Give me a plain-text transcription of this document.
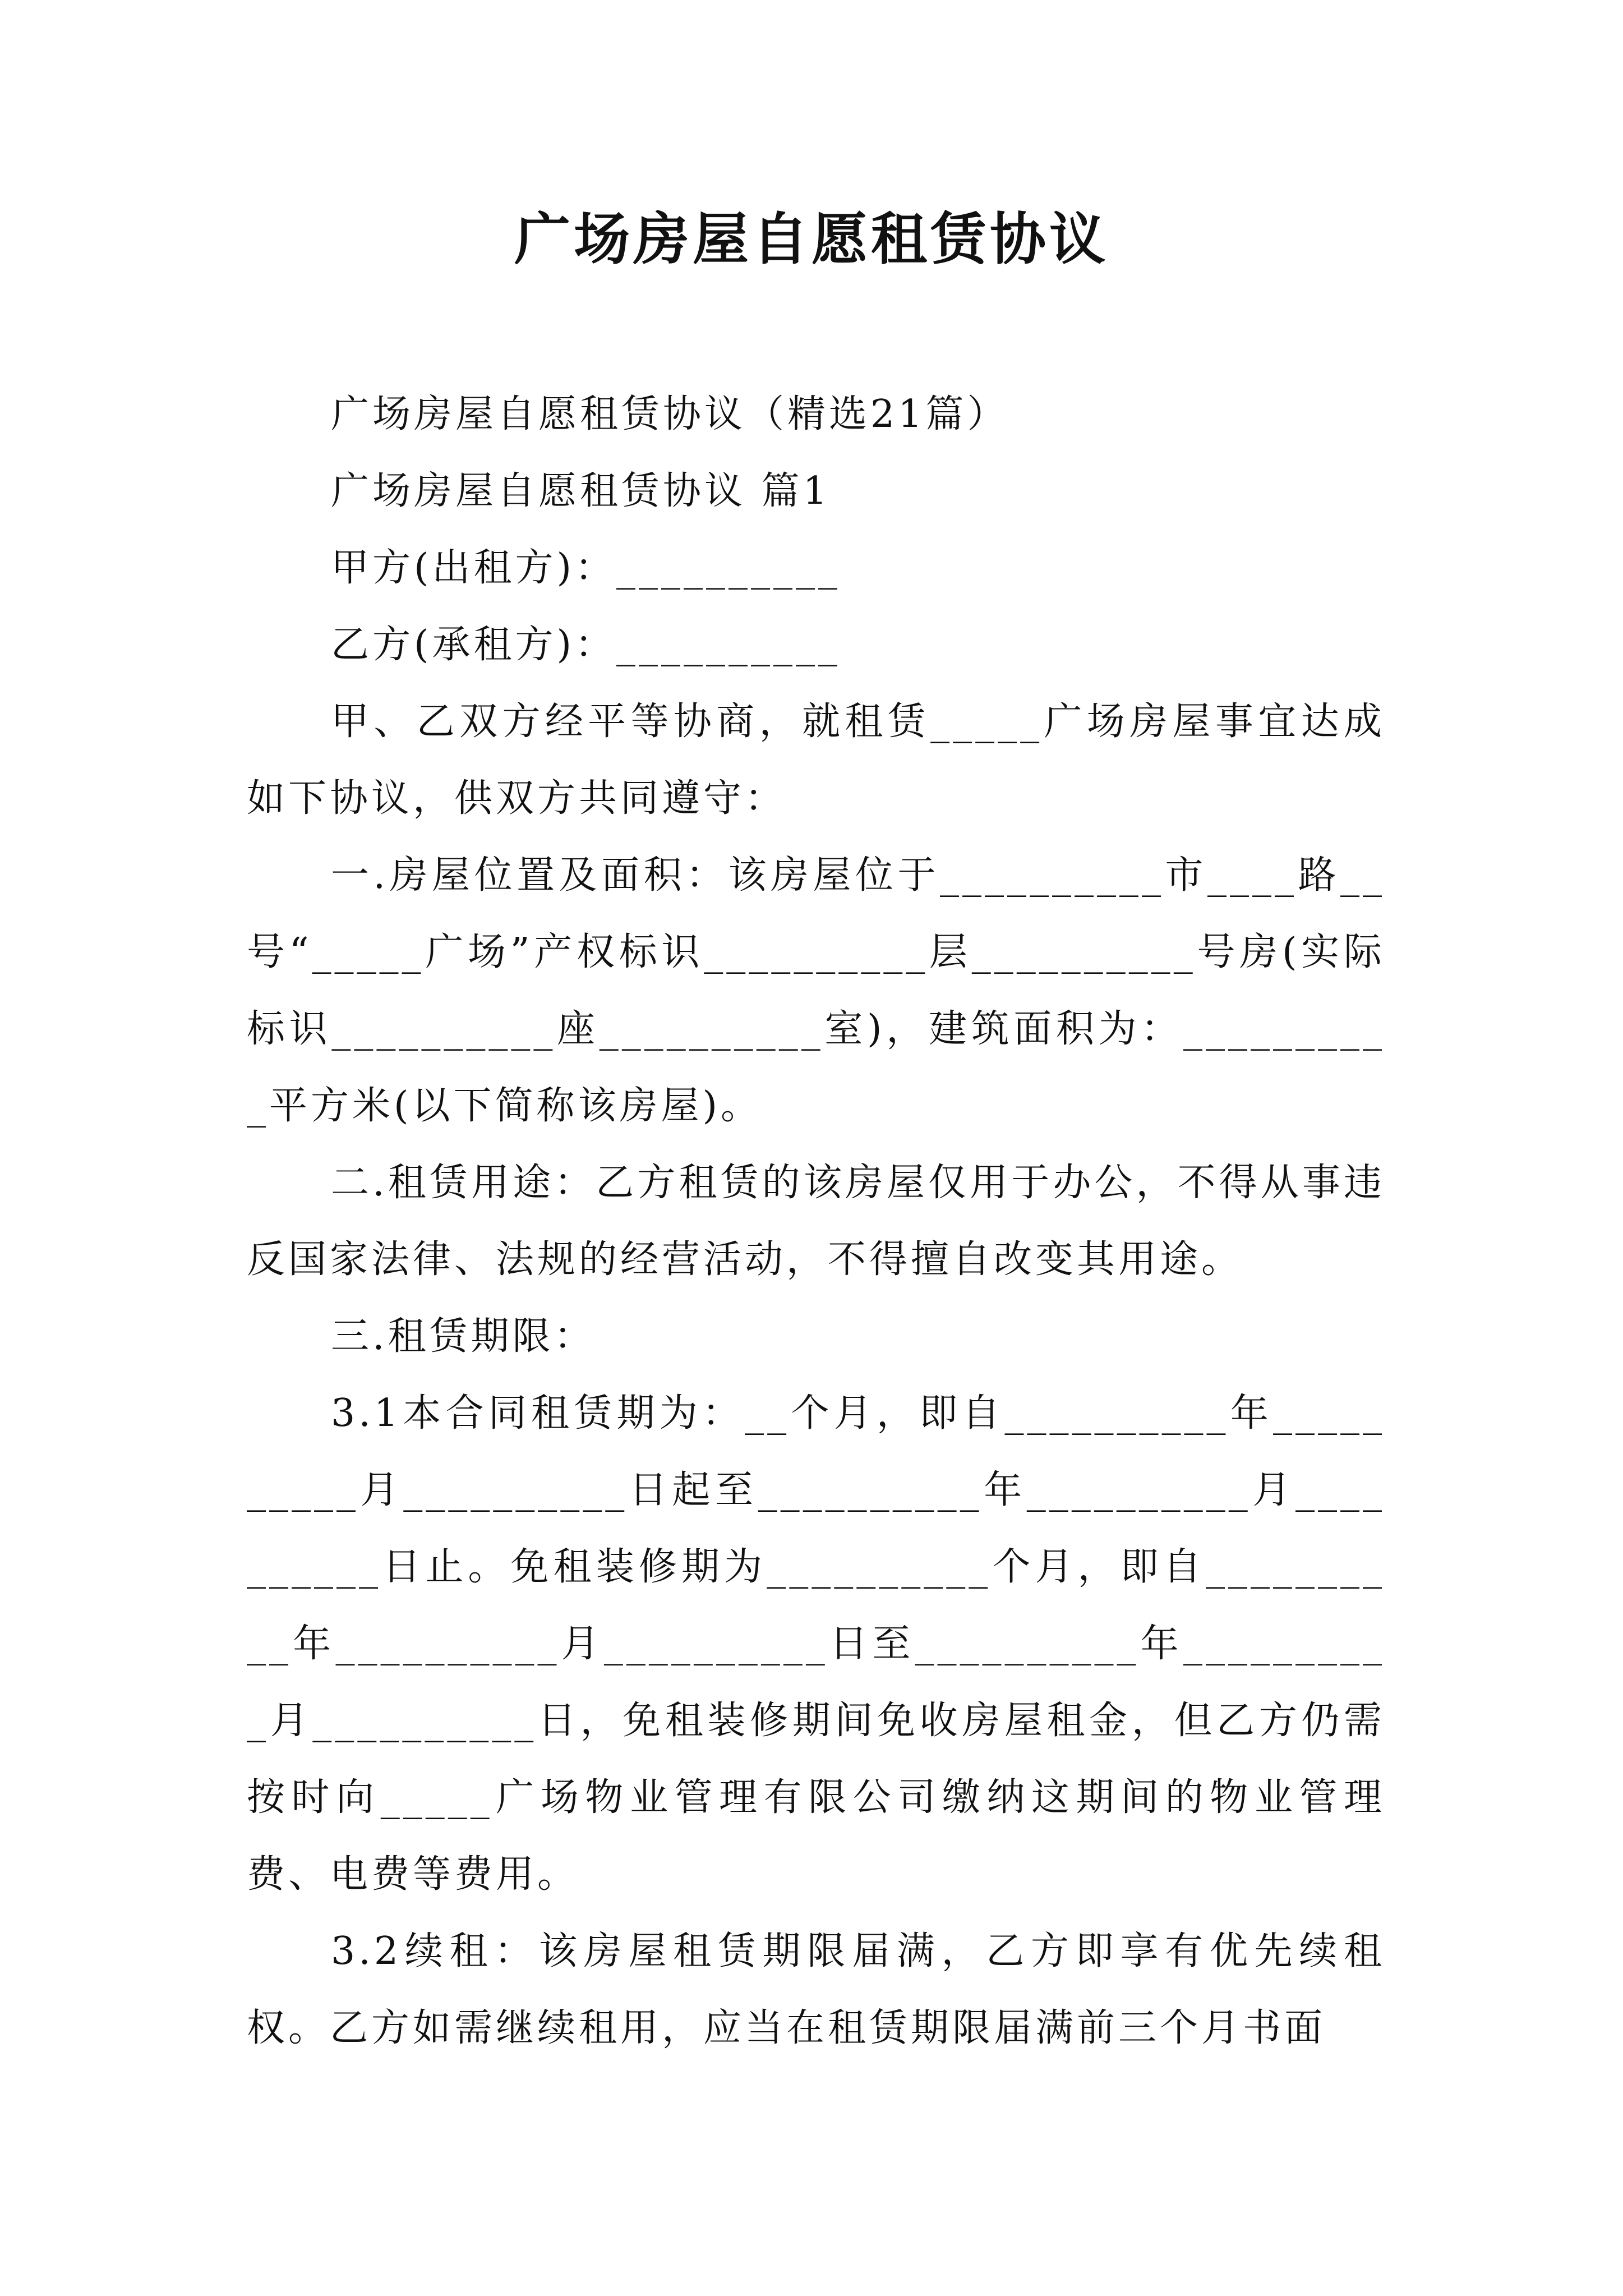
广场房屋自愿租赁协议

广场房屋自愿租赁协议（精选21篇）

广场房屋自愿租赁协议 篇1

甲方(出租方)：__________

乙方(承租方)：__________

甲、乙双方经平等协商，就租赁_____广场房屋事宜达成如下协议，供双方共同遵守：

一.房屋位置及面积：该房屋位于__________市____路__号“_____广场”产权标识__________层__________号房(实际标识__________座__________室)，建筑面积为：__________平方米(以下简称该房屋)。

二.租赁用途：乙方租赁的该房屋仅用于办公，不得从事违反国家法律、法规的经营活动，不得擅自改变其用途。

三.租赁期限：

3.1本合同租赁期为：__个月，即自__________年__________月__________日起至__________年__________月__________日止。免租装修期为__________个月，即自__________年__________月__________日至__________年__________月__________日，免租装修期间免收房屋租金，但乙方仍需按时向_____广场物业管理有限公司缴纳这期间的物业管理费、电费等费用。

3.2续租：该房屋租赁期限届满，乙方即享有优先续租权。乙方如需继续租用，应当在租赁期限届满前三个月书面
